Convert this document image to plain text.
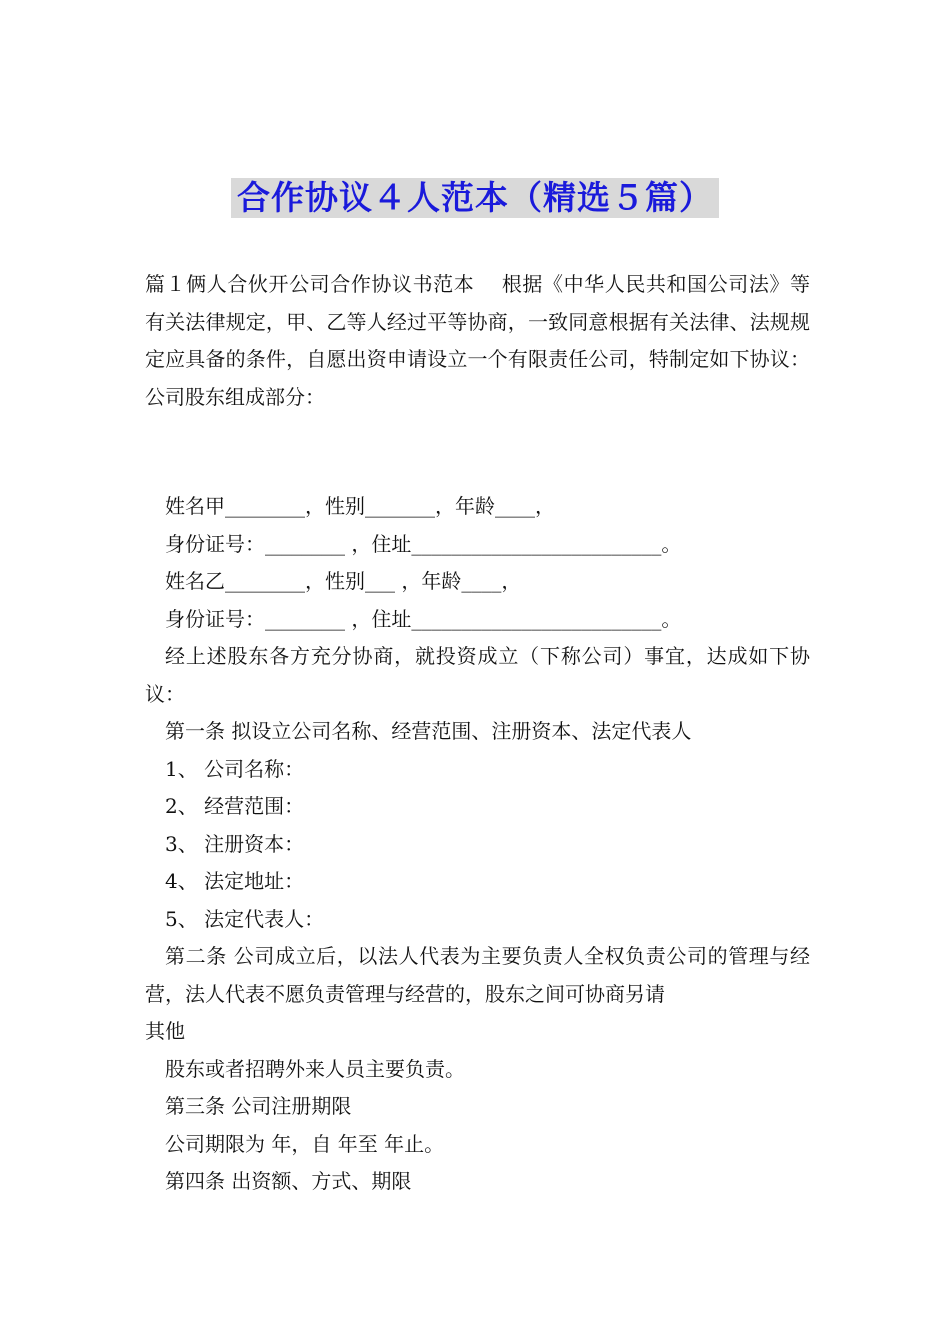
合作协议４人范本（精选５篇）
篇１俩人合伙开公司合作协议书范本　 根据《中华人民共和国公司法》等有关法律规定，甲、乙等人经过平等协商，一致同意根据有关法律、法规规定应具备的条件，自愿出资申请设立一个有限责任公司，特制定如下协议： 公司股东组成部分：
姓名甲________，性别_______，年龄____，
身份证号：________ ，住址_________________________。
姓名乙________，性别___ ，年龄____，
身份证号：________ ，住址_________________________。
经上述股东各方充分协商，就投资成立（下称公司）事宜，达成如下协议：
第一条 拟设立公司名称、经营范围、注册资本、法定代表人
1、 公司名称：
2、 经营范围：
3、 注册资本：
4、 法定地址：
5、 法定代表人：
第二条 公司成立后，以法人代表为主要负责人全权负责公司的管理与经营，法人代表不愿负责管理与经营的，股东之间可协商另请
其他
股东或者招聘外来人员主要负责。
第三条 公司注册期限
公司期限为 年，自 年至 年止。
第四条 出资额、方式、期限
